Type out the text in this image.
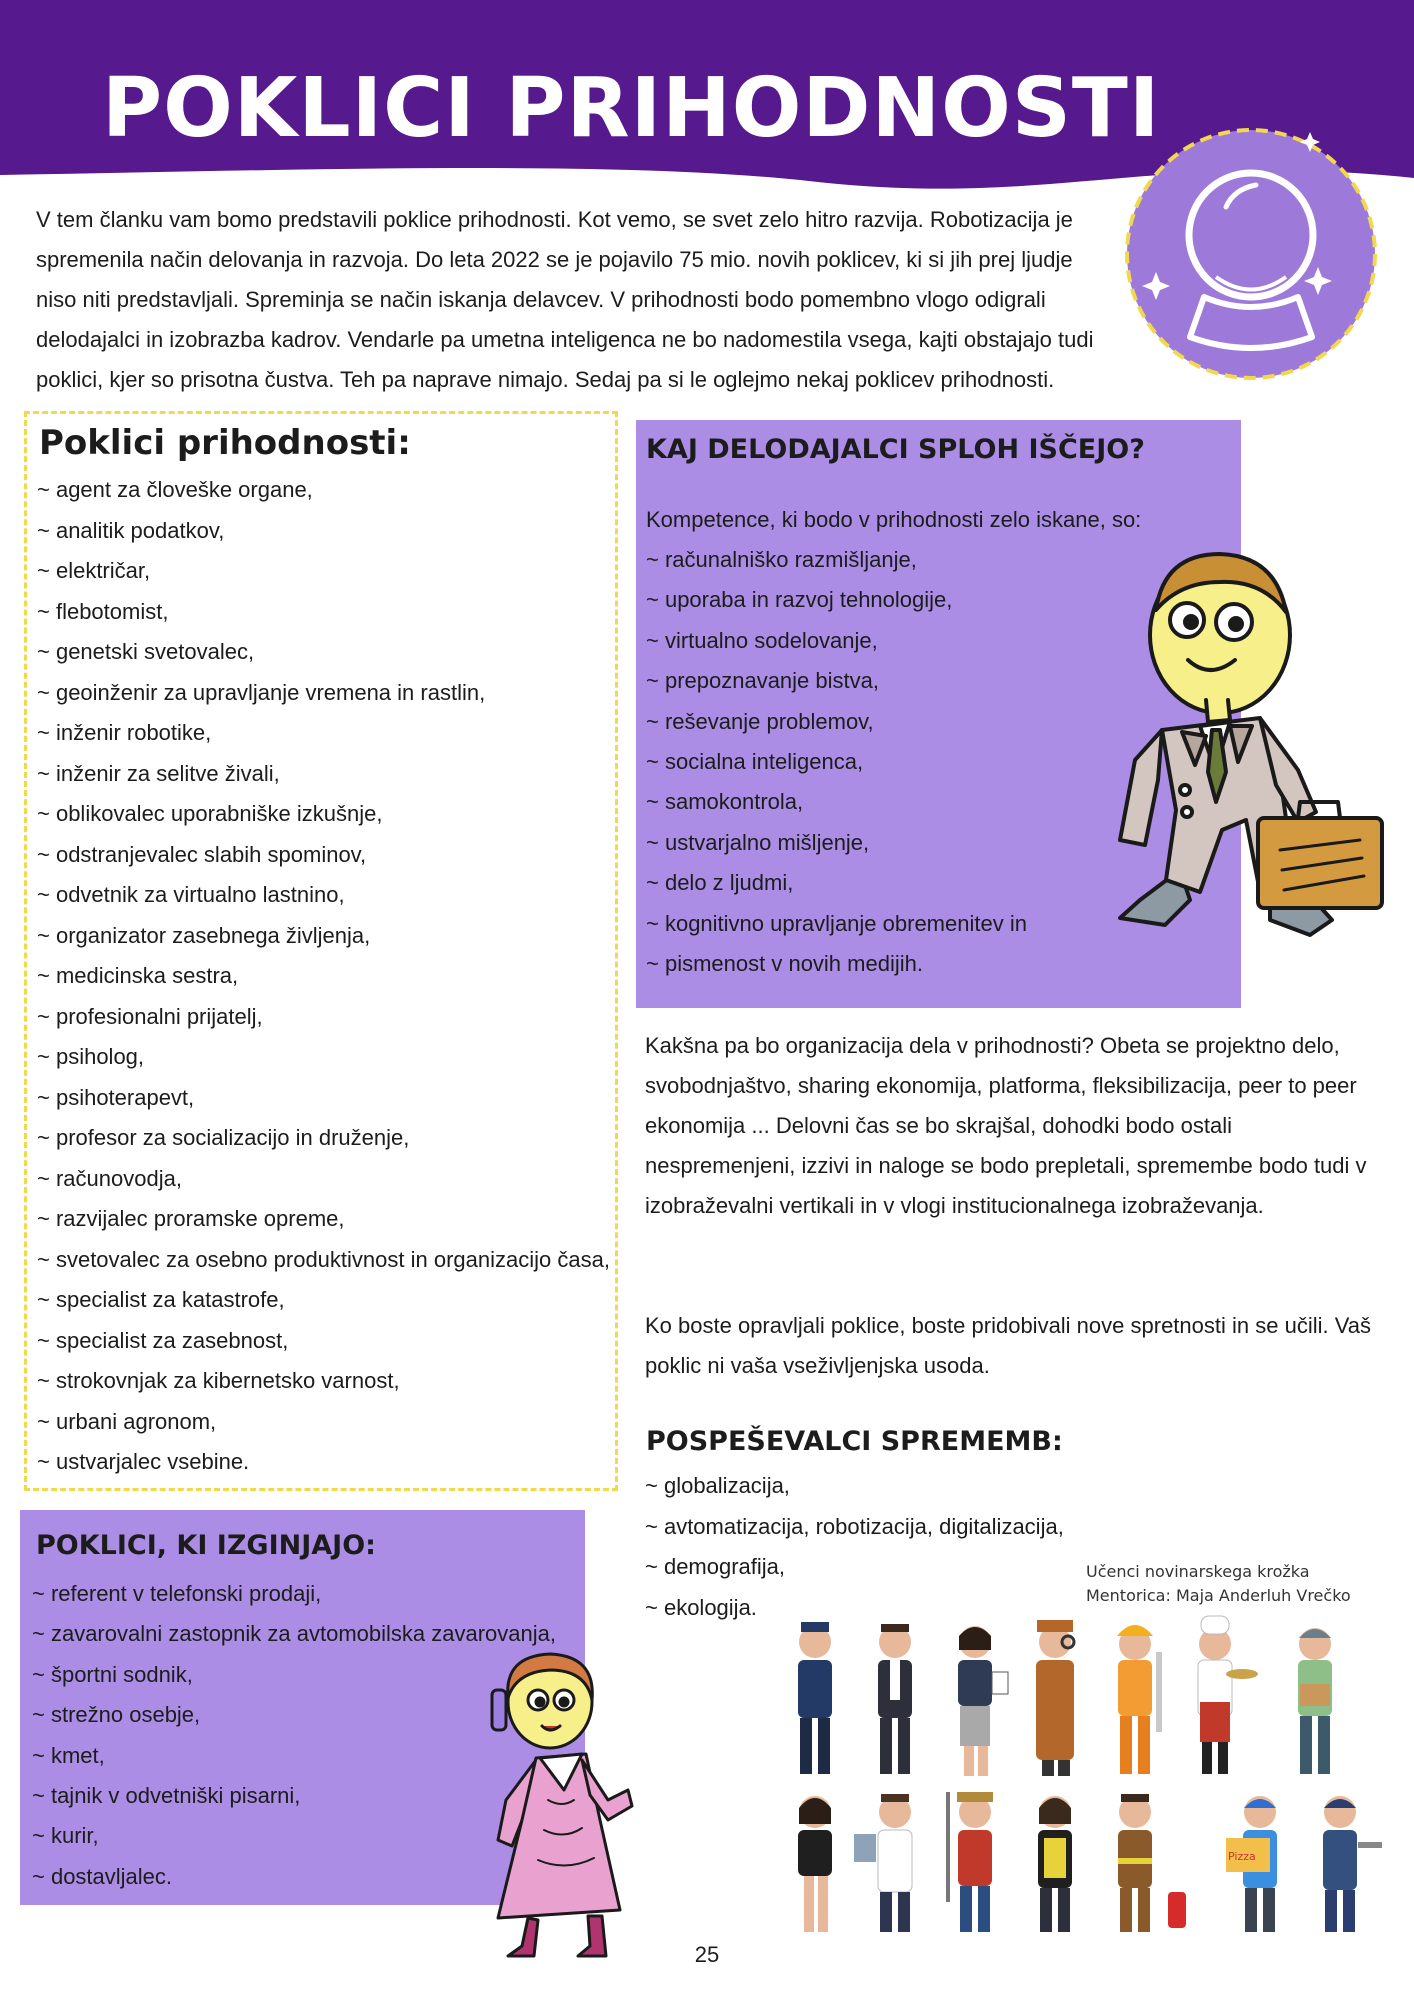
POKLICI PRIHODNOSTI

V tem članku vam bomo predstavili poklice prihodnosti. Kot vemo, se svet zelo hitro razvija. Robotizacija je spremenila način delovanja in razvoja. Do leta 2022 se je pojavilo 75 mio. novih poklicev, ki si jih prej ljudje niso niti predstavljali. Spreminja se način iskanja delavcev. V prihodnosti bodo pomembno vlogo odigrali delodajalci in izobrazba kadrov. Vendarle pa umetna inteligenca ne bo nadomestila vsega, kajti obstajajo tudi poklici, kjer so prisotna čustva. Teh pa naprave nimajo. Sedaj pa si le oglejmo nekaj poklicev prihodnosti.

Poklici prihodnosti:
~ agent za človeške organe,
~ analitik podatkov,
~ električar,
~ flebotomist,
~ genetski svetovalec,
~ geoinženir za upravljanje vremena in rastlin,
~ inženir robotike,
~ inženir za selitve živali,
~ oblikovalec uporabniške izkušnje,
~ odstranjevalec slabih spominov,
~ odvetnik za virtualno lastnino,
~ organizator zasebnega življenja,
~ medicinska sestra,
~ profesionalni prijatelj,
~ psiholog,
~ psihoterapevt,
~ profesor za socializacijo in druženje,
~ računovodja,
~ razvijalec proramske opreme,
~ svetovalec za osebno produktivnost in organizacijo časa,
~ specialist za katastrofe,
~ specialist za zasebnost,
~ strokovnjak za kibernetsko varnost,
~ urbani agronom,
~ ustvarjalec vsebine.
KAJ DELODAJALCI SPLOH IŠČEJO?
Kompetence, ki bodo v prihodnosti zelo iskane, so:
~ računalniško razmišljanje,
~ uporaba in razvoj tehnologije,
~ virtualno sodelovanje,
~ prepoznavanje bistva,
~ reševanje problemov,
~ socialna inteligenca,
~ samokontrola,
~ ustvarjalno mišljenje,
~ delo z ljudmi,
~ kognitivno upravljanje obremenitev in
~ pismenost v novih medijih.

Kakšna pa bo organizacija dela v prihodnosti? Obeta se projektno delo, svobodnjaštvo, sharing ekonomija, platforma, fleksibilizacija, peer to peer ekonomija ... Delovni čas se bo skrajšal, dohodki bodo ostali nespremenjeni, izzivi in naloge se bodo prepletali, spremembe bodo tudi v izobraževalni vertikali in v vlogi institucionalnega izobraževanja.

Ko boste opravljali poklice, boste pridobivali nove spretnosti in se učili. Vaš poklic ni vaša vseživljenjska usoda.

POSPEŠEVALCI SPREMEMB:
~ globalizacija,
~ avtomatizacija, robotizacija, digitalizacija,
~ demografija,
~ ekologija.

Učenci novinarskega krožka
Mentorica: Maja Anderluh Vrečko

POKLICI, KI IZGINJAJO:
~ referent v telefonski prodaji,
~ zavarovalni zastopnik za avtomobilska zavarovanja,
~ športni sodnik,
~ strežno osebje,
~ kmet,
~ tajnik v odvetniški pisarni,
~ kurir,
~ dostavljalec.
Pizza

25
